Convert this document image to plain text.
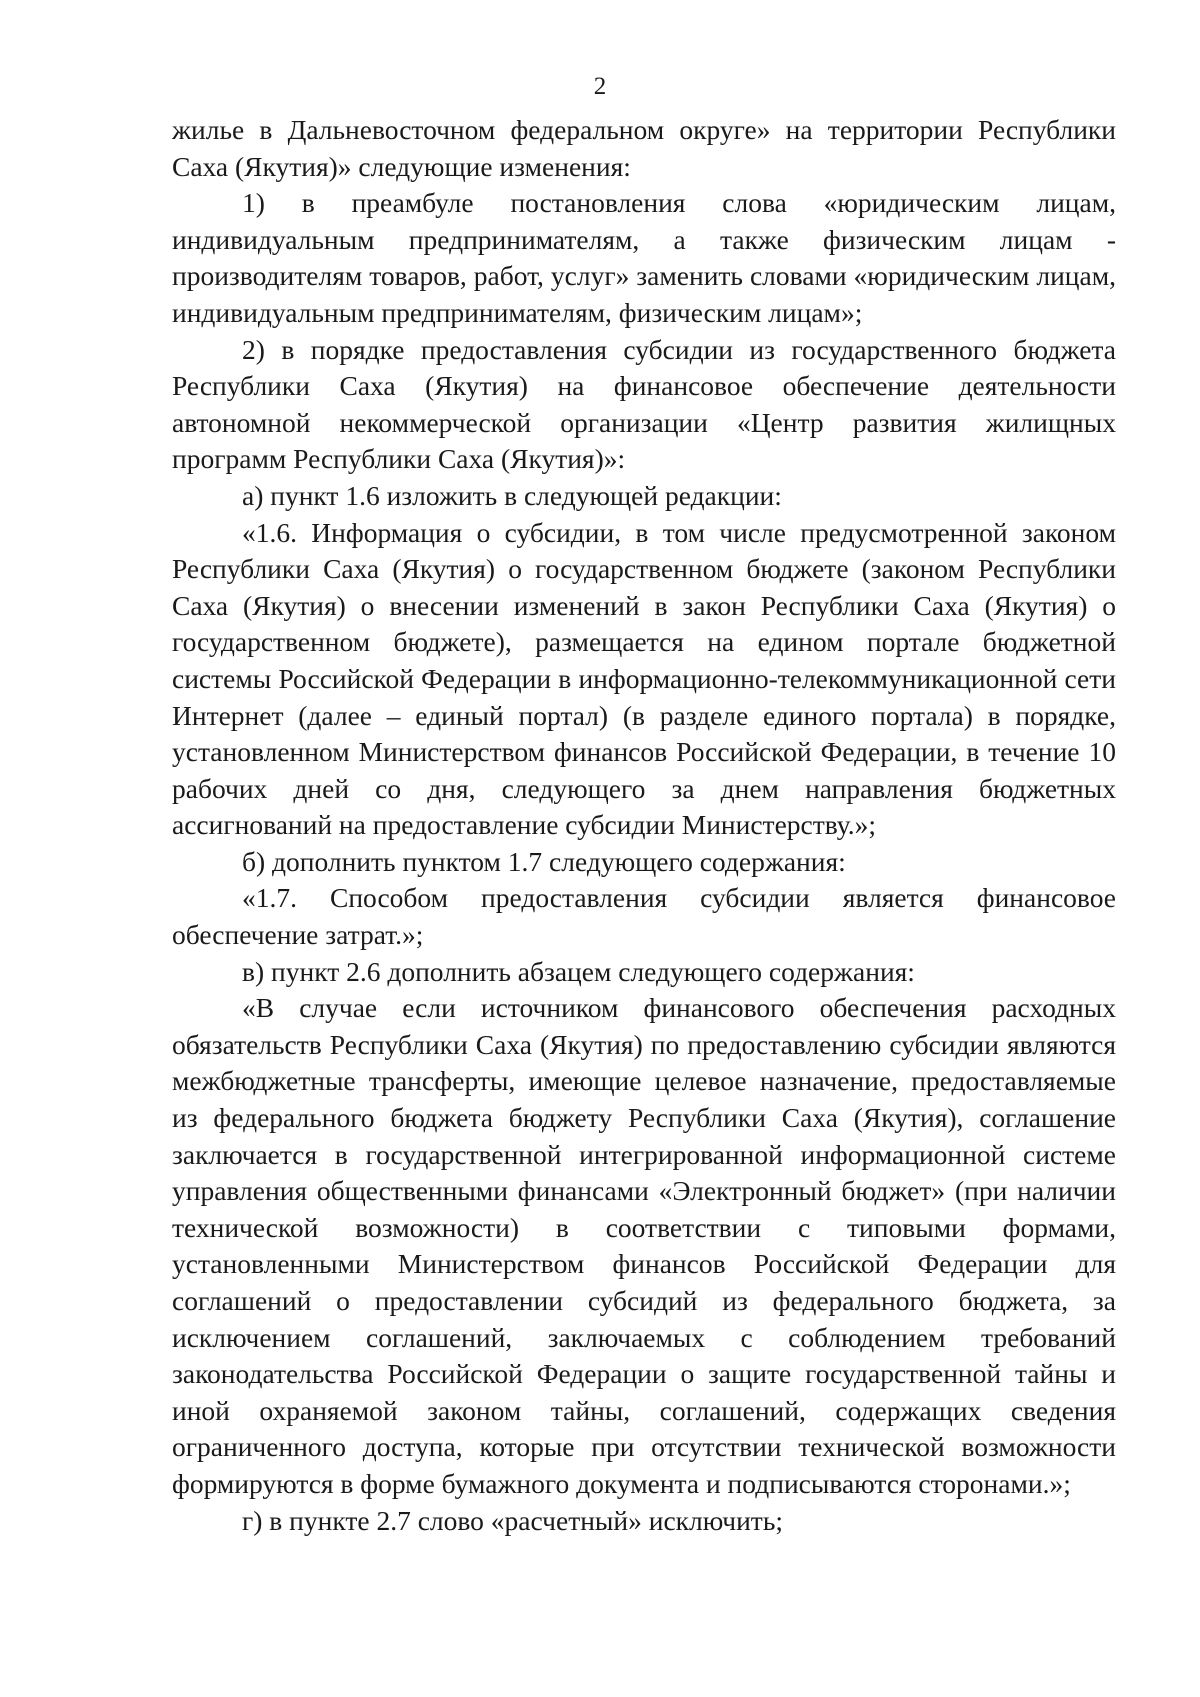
2

жилье в Дальневосточном федеральном округе» на территории Республики Саха (Якутия)» следующие изменения:

1) в преамбуле постановления слова «юридическим лицам, индивидуальным предпринимателям, а также физическим лицам - производителям товаров, работ, услуг» заменить словами «юридическим лицам, индивидуальным предпринимателям, физическим лицам»;

2) в порядке предоставления субсидии из государственного бюджета Республики Саха (Якутия) на финансовое обеспечение деятельности автономной некоммерческой организации «Центр развития жилищных программ Республики Саха (Якутия)»:

а) пункт 1.6 изложить в следующей редакции:

«1.6. Информация о субсидии, в том числе предусмотренной законом Республики Саха (Якутия) о государственном бюджете (законом Республики Саха (Якутия) о внесении изменений в закон Республики Саха (Якутия) о государственном бюджете), размещается на едином портале бюджетной системы Российской Федерации в информационно-телекоммуникационной сети Интернет (далее – единый портал) (в разделе единого портала) в порядке, установленном Министерством финансов Российской Федерации, в течение 10 рабочих дней со дня, следующего за днем направления бюджетных ассигнований на предоставление субсидии Министерству.»;

б) дополнить пунктом 1.7 следующего содержания:

«1.7. Способом предоставления субсидии является финансовое обеспечение затрат.»;

в) пункт 2.6 дополнить абзацем следующего содержания:

«В случае если источником финансового обеспечения расходных обязательств Республики Саха (Якутия) по предоставлению субсидии являются межбюджетные трансферты, имеющие целевое назначение, предоставляемые из федерального бюджета бюджету Республики Саха (Якутия), соглашение заключается в государственной интегрированной информационной системе управления общественными финансами «Электронный бюджет» (при наличии технической возможности) в соответствии с типовыми формами, установленными Министерством финансов Российской Федерации для соглашений о предоставлении субсидий из федерального бюджета, за исключением соглашений, заключаемых с соблюдением требований законодательства Российской Федерации о защите государственной тайны и иной охраняемой законом тайны, соглашений, содержащих сведения ограниченного доступа, которые при отсутствии технической возможности формируются в форме бумажного документа и подписываются сторонами.»;

г) в пункте 2.7 слово «расчетный» исключить;
